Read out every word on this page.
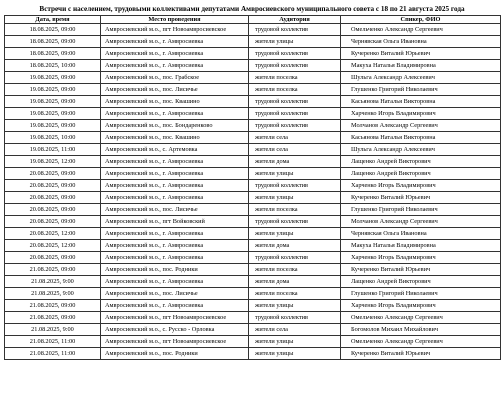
Встречи с населением, трудовыми коллективами депутатами Амвросиевского муниципального совета с 18 по 21 августа 2025 года
Дата, время	Место проведения	Аудитория	Спикер, ФИО
18.08.2025, 09:00	Амвросиевский м.о., пгт Новоамвросиевское	трудовой коллектив	Омельченко Александр Сергеевич
18.08.2025, 09:00	Амвросиевский м.о., г. Амвросиевка	жители улицы	Чернявская Ольга Ивановна
18.08.2025, 09:00	Амвросиевский м.о., г. Амвросиевка	трудовой коллектив	Кучеренко Виталий Юрьевич
18.08.2025, 10:00	Амвросиевский м.о., г. Амвросиевка	трудовой коллектив	Макуха Наталья Владимировна
19.08.2025, 09:00	Амвросиевский м.о., пос. Грабское	жители поселка	Шульга Александр Алексеевич
19.08.2025, 09:00	Амвросиевский м.о., пос. Лисичье	жители поселка	Глушенко Григорий Николаевич
19.08.2025, 09:00	Амвросиевский м.о., пос. Квашино	трудовой коллектив	Касьянова Наталья Викторовна
19.08.2025, 09:00	Амвросиевский м.о., г. Амвросиевка	трудовой коллектив	Харченко Игорь Владимирович
19.08.2025, 09:00	Амвросиевский м.о., пос. Бондаренково	трудовой коллектив	Молчанов Александр Сергеевич
19.08.2025, 10:00	Амвросиевский м.о., пос. Квашино	жители села	Касьянова Наталья Викторовна
19.08.2025, 11:00	Амвросиевский м.о., с. Артемовка	жители села	Шульга Александр Алексеевич
19.08.2025, 12:00	Амвросиевский м.о., г. Амвросиевка	жители дома	Лащенко Андрей Викторович
20.08.2025, 09:00	Амвросиевский м.о., г. Амвросиевка	жители улицы	Лащенко Андрей Викторович
20.08.2025, 09:00	Амвросиевский м.о., г. Амвросиевка	трудовой коллектив	Харченко Игорь Владимирович
20.08.2025, 09:00	Амвросиевский м.о., г. Амвросиевка	жители улицы	Кучеренко Виталий Юрьевич
20.08.2025, 09:00	Амвросиевский м.о., пос. Лисичье	жители поселка	Глушенко Григорий Николаевич
20.08.2025, 09:00	Амвросиевский м.о., пгт Войковский	трудовой коллектив	Молчанов Александр Сергеевич
20.08.2025, 12:00	Амвросиевский м.о., г. Амвросиевка	жители улицы	Чернявская Ольга Ивановна
20.08.2025, 12:00	Амвросиевский м.о., г. Амвросиевка	жители дома	Макуха Наталья Владимировна
20.08.2025, 09:00	Амвросиевский м.о., г. Амвросиевка	трудовой коллектив	Харченко Игорь Владимирович
21.08.2025, 09:00	Амвросиевский м.о., пос. Родники	жители поселка	Кучеренко Виталий Юрьевич
21.08.2025, 9:00	Амвросиевский м.о., г. Амвросиевка	жители дома	Лащенко Андрей Викторович
21.08.2025, 9:00	Амвросиевский м.о., пос. Лисичье	жители поселка	Глушенко Григорий Николаевич
21.08.2025, 09:00	Амвросиевский м.о., г. Амвросиевка	жители улицы	Харченко Игорь Владимирович
21.08.2025, 09:00	Амвросиевский м.о., пгт Новоамвросиевское	трудовой коллектив	Омельченко Александр Сергеевич
21.08.2025, 9:00	Амвросиевский м.о., с. Русско - Орловка	жители села	Богомолов Михаил Михайлович
21.08.2025, 11:00	Амвросиевский м.о., пгт Новоамвросиевское	жители улицы	Омельченко Александр Сергеевич
21.08.2025, 11:00	Амвросиевский м.о., пос. Родники	жители улицы	Кучеренко Виталий Юрьевич
